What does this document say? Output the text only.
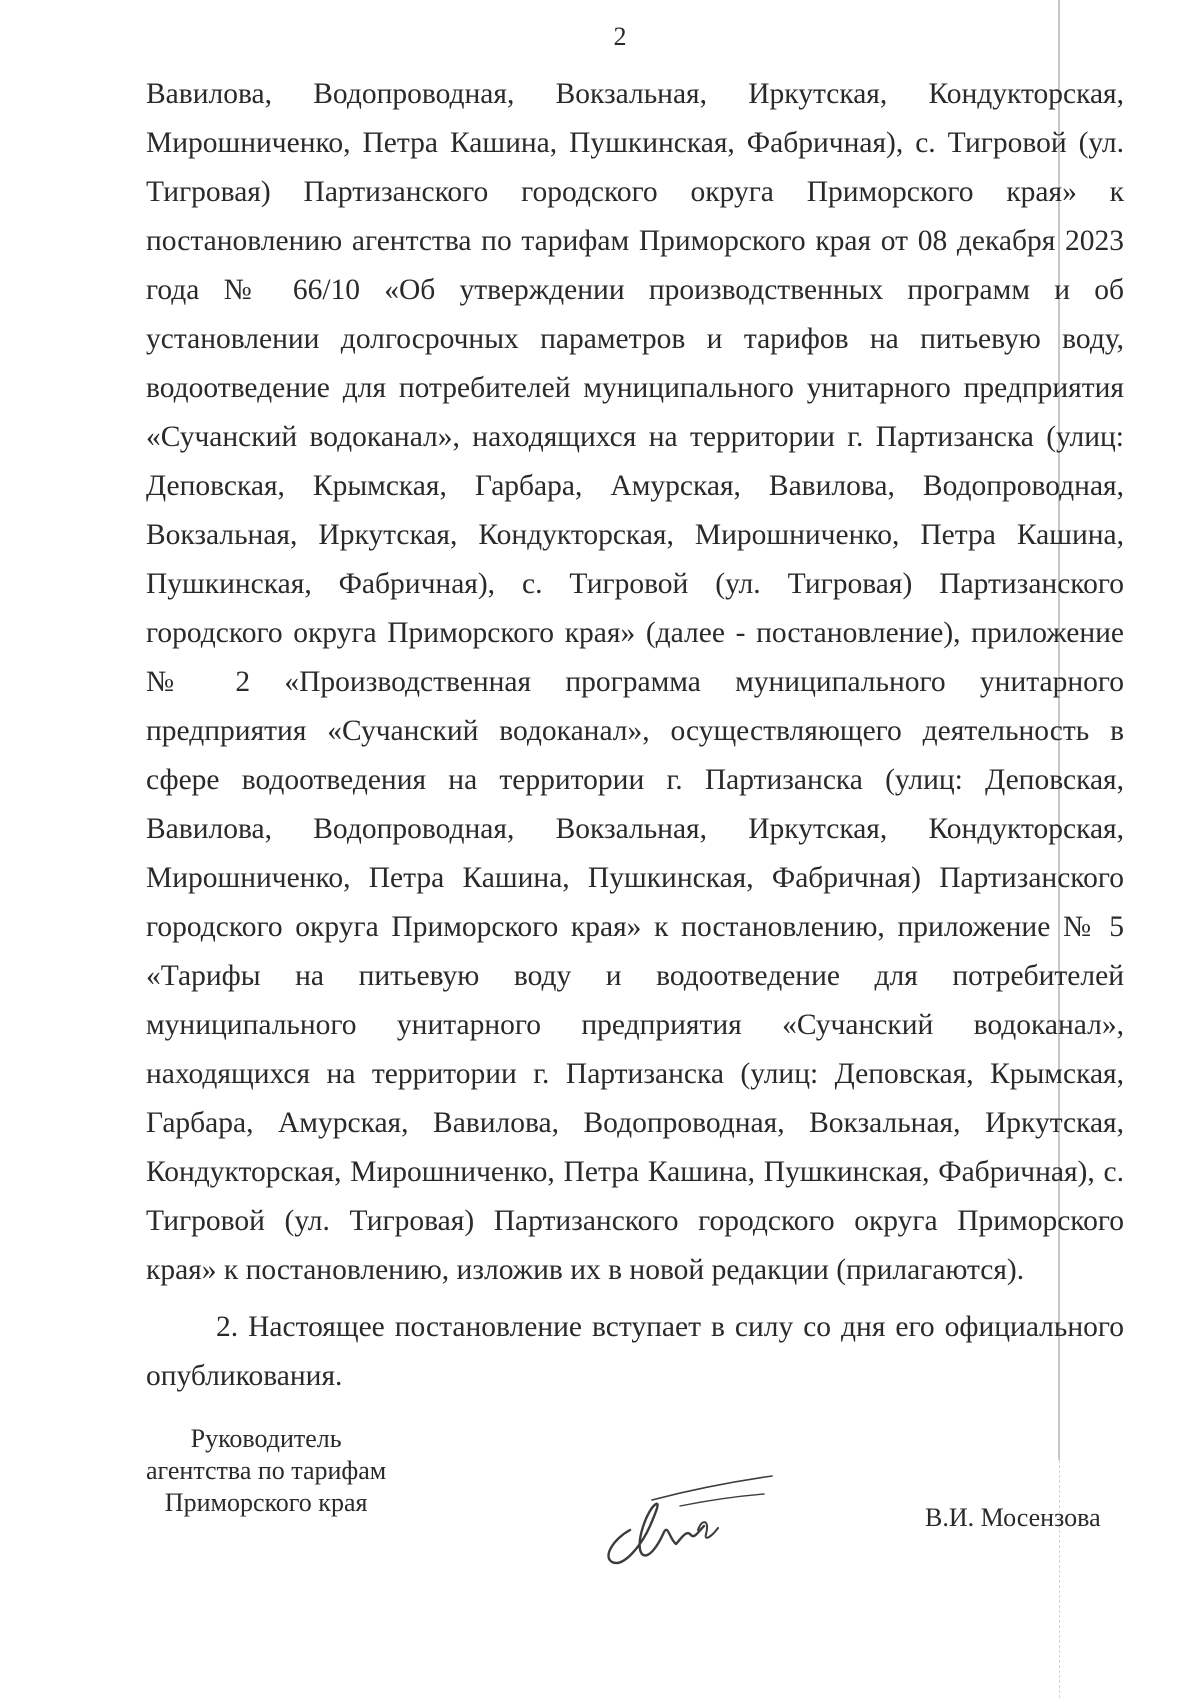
2

Вавилова, Водопроводная, Вокзальная, Иркутская, Кондукторская, Мирошниченко, Петра Кашина, Пушкинская, Фабричная), с. Тигровой (ул. Тигровая) Партизанского городского округа Приморского края» к постановлению агентства по тарифам Приморского края от 08 декабря 2023 года № 66/10 «Об утверждении производственных программ и об установлении долгосрочных параметров и тарифов на питьевую воду, водоотведение для потребителей муниципального унитарного предприятия «Сучанский водоканал», находящихся на территории г. Партизанска (улиц: Деповская, Крымская, Гарбара, Амурская, Вавилова, Водопроводная, Вокзальная, Иркутская, Кондукторская, Мирошниченко, Петра Кашина, Пушкинская, Фабричная), с. Тигровой (ул. Тигровая) Партизанского городского округа Приморского края» (далее - постановление), приложение № 2 «Производственная программа муниципального унитарного предприятия «Сучанский водоканал», осуществляющего деятельность в сфере водоотведения на территории г. Партизанска (улиц: Деповская, Вавилова, Водопроводная, Вокзальная, Иркутская, Кондукторская, Мирошниченко, Петра Кашина, Пушкинская, Фабричная) Партизанского городского округа Приморского края» к постановлению, приложение № 5 «Тарифы на питьевую воду и водоотведение для потребителей муниципального унитарного предприятия «Сучанский водоканал», находящихся на территории г. Партизанска (улиц: Деповская, Крымская, Гарбара, Амурская, Вавилова, Водопроводная, Вокзальная, Иркутская, Кондукторская, Мирошниченко, Петра Кашина, Пушкинская, Фабричная), с. Тигровой (ул. Тигровая) Партизанского городского округа Приморского края» к постановлению, изложив их в новой редакции (прилагаются).

2. Настоящее постановление вступает в силу со дня его официального опубликования.

Руководитель
агентства по тарифам
Приморского края
В.И. Мосензова
